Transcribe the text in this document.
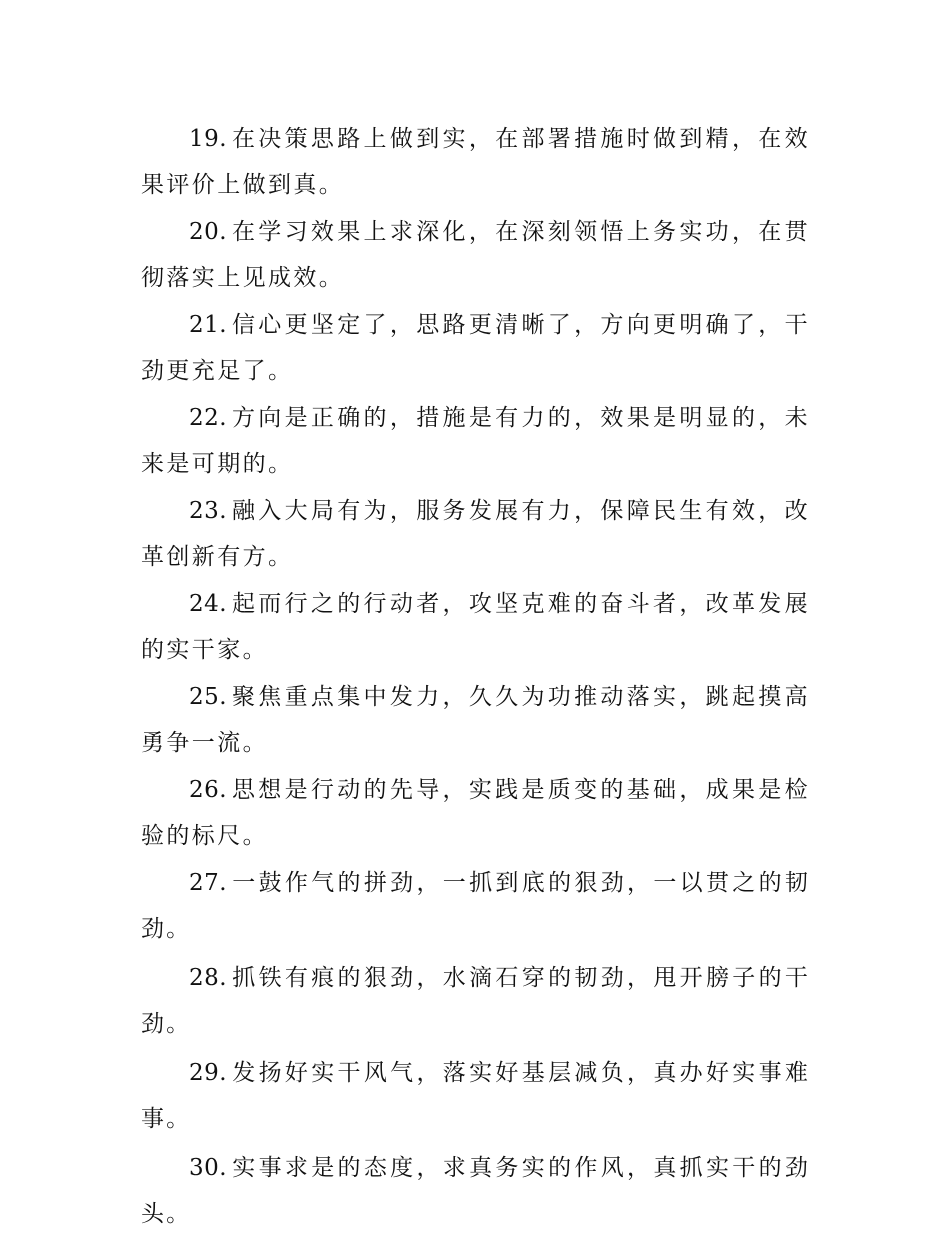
19. 在决策思路上做到实，在部署措施时做到精，在效果评价上做到真。

20. 在学习效果上求深化，在深刻领悟上务实功，在贯彻落实上见成效。

21. 信心更坚定了，思路更清晰了，方向更明确了，干劲更充足了。

22. 方向是正确的，措施是有力的，效果是明显的，未来是可期的。

23. 融入大局有为，服务发展有力，保障民生有效，改革创新有方。

24. 起而行之的行动者，攻坚克难的奋斗者，改革发展的实干家。

25. 聚焦重点集中发力，久久为功推动落实，跳起摸高勇争一流。

26. 思想是行动的先导，实践是质变的基础，成果是检验的标尺。

27. 一鼓作气的拼劲，一抓到底的狠劲，一以贯之的韧劲。

28. 抓铁有痕的狠劲，水滴石穿的韧劲，甩开膀子的干劲。

29. 发扬好实干风气，落实好基层减负，真办好实事难事。

30. 实事求是的态度，求真务实的作风，真抓实干的劲头。
